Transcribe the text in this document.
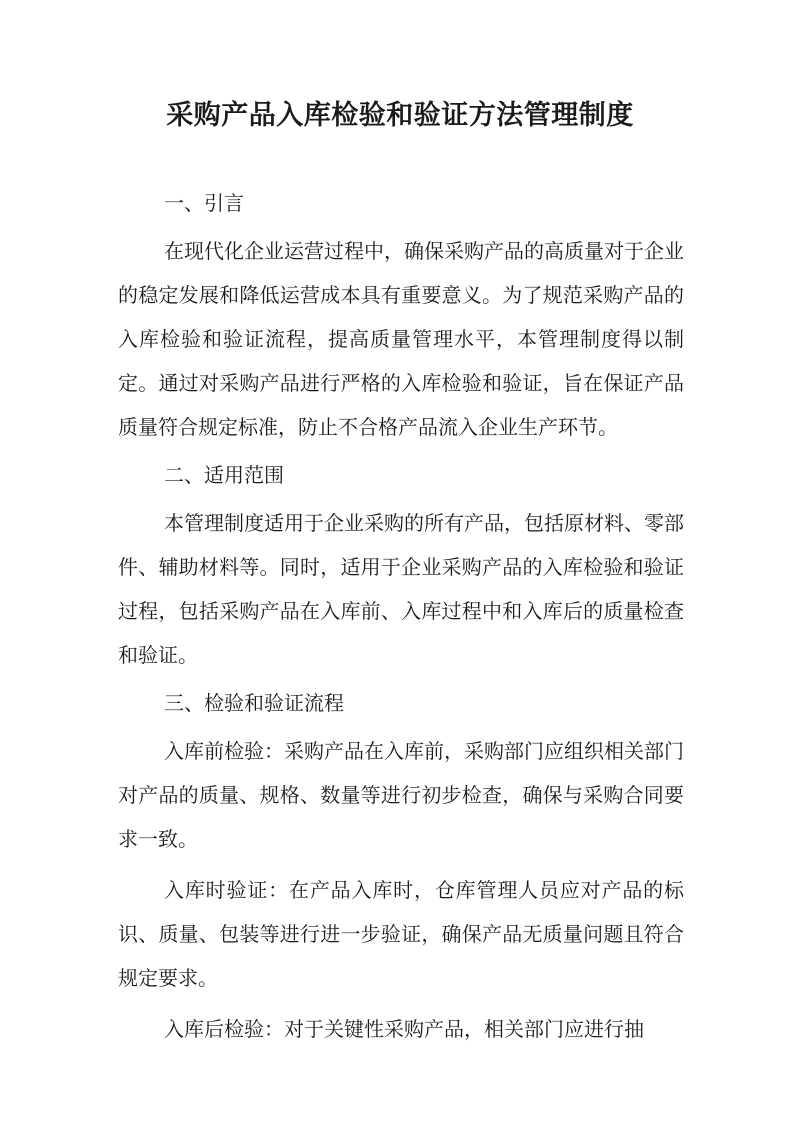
采购产品入库检验和验证方法管理制度
一、引言

在现代化企业运营过程中，确保采购产品的高质量对于企业的稳定发展和降低运营成本具有重要意义。为了规范采购产品的入库检验和验证流程，提高质量管理水平，本管理制度得以制定。通过对采购产品进行严格的入库检验和验证，旨在保证产品质量符合规定标准，防止不合格产品流入企业生产环节。

二、适用范围

本管理制度适用于企业采购的所有产品，包括原材料、零部件、辅助材料等。同时，适用于企业采购产品的入库检验和验证过程，包括采购产品在入库前、入库过程中和入库后的质量检查和验证。

三、检验和验证流程

入库前检验：采购产品在入库前，采购部门应组织相关部门对产品的质量、规格、数量等进行初步检查，确保与采购合同要求一致。

入库时验证：在产品入库时，仓库管理人员应对产品的标识、质量、包装等进行进一步验证，确保产品无质量问题且符合规定要求。

入库后检验：对于关键性采购产品，相关部门应进行抽
